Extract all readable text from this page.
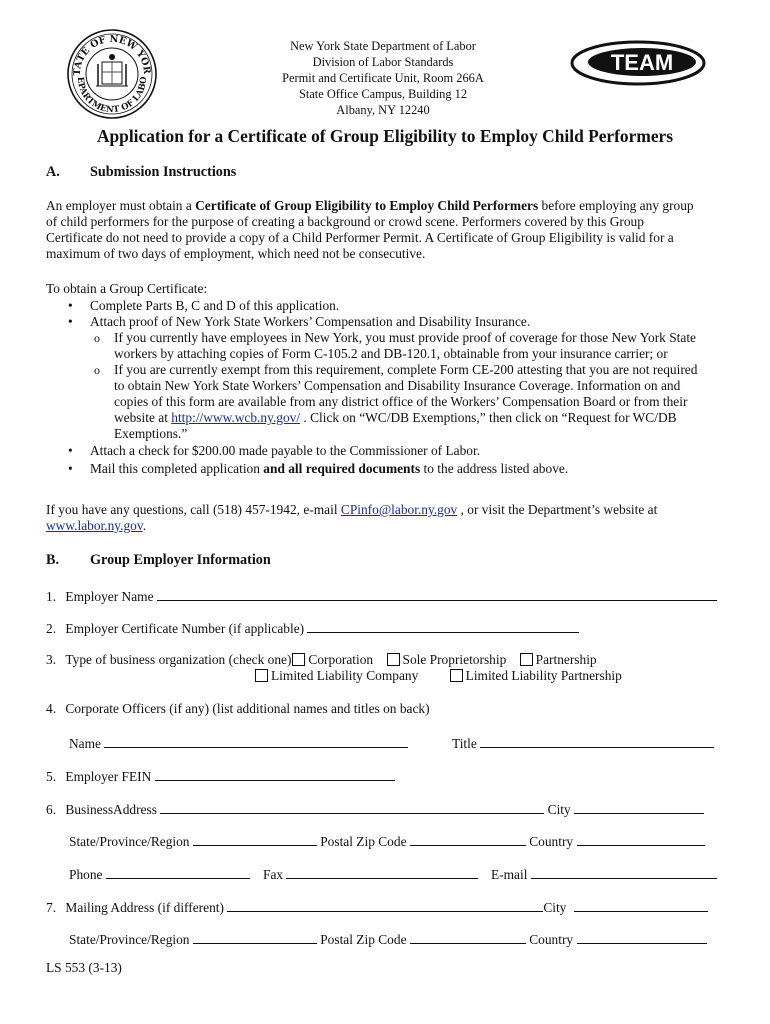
TATE OF NEW YOR
EPARTMENT OF LABO
New York State Department of Labor
Division of Labor Standards
Permit and Certificate Unit, Room 266A
State Office Campus, Building 12
Albany, NY 12240
TEAM
Application for a Certificate of Group Eligibility to Employ Child Performers
A. Submission Instructions
An employer must obtain a Certificate of Group Eligibility to Employ Child Performers before employing any group
of child performers for the purpose of creating a background or crowd scene. Performers covered by this Group
Certificate do not need to provide a copy of a Child Performer Permit. A Certificate of Group Eligibility is valid for a
maximum of two days of employment, which need not be consecutive.
To obtain a Group Certificate:
• Complete Parts B, C and D of this application.
• Attach proof of New York State Workers’ Compensation and Disability Insurance.
o If you currently have employees in New York, you must provide proof of coverage for those New York State
workers by attaching copies of Form C-105.2 and DB-120.1, obtainable from your insurance carrier; or
o If you are currently exempt from this requirement, complete Form CE-200 attesting that you are not required
to obtain New York State Workers’ Compensation and Disability Insurance Coverage. Information on and
copies of this form are available from any district office of the Workers’ Compensation Board or from their
website at http://www.wcb.ny.gov/ . Click on “WC/DB Exemptions,” then click on “Request for WC/DB
Exemptions.”
• Attach a check for $200.00 made payable to the Commissioner of Labor.
• Mail this completed application and all required documents to the address listed above.
If you have any questions, call (518) 457-1942, e-mail CPinfo@labor.ny.gov , or visit the Department’s website at
www.labor.ny.gov.
B. Group Employer Information
1. Employer Name
2. Employer Certificate Number (if applicable)
3. Type of business organization (check one) Corporation Sole Proprietorship Partnership
Limited Liability Company	Limited Liability Partnership
4. Corporate Officers (if any) (list additional names and titles on back)
Name	Title
5. Employer FEIN
6. BusinessAddress	City
State/Province/Region	Postal Zip Code	Country
Phone	Fax	E-mail
7. Mailing Address (if different)	City
State/Province/Region	Postal Zip Code	Country
LS 553 (3-13)
